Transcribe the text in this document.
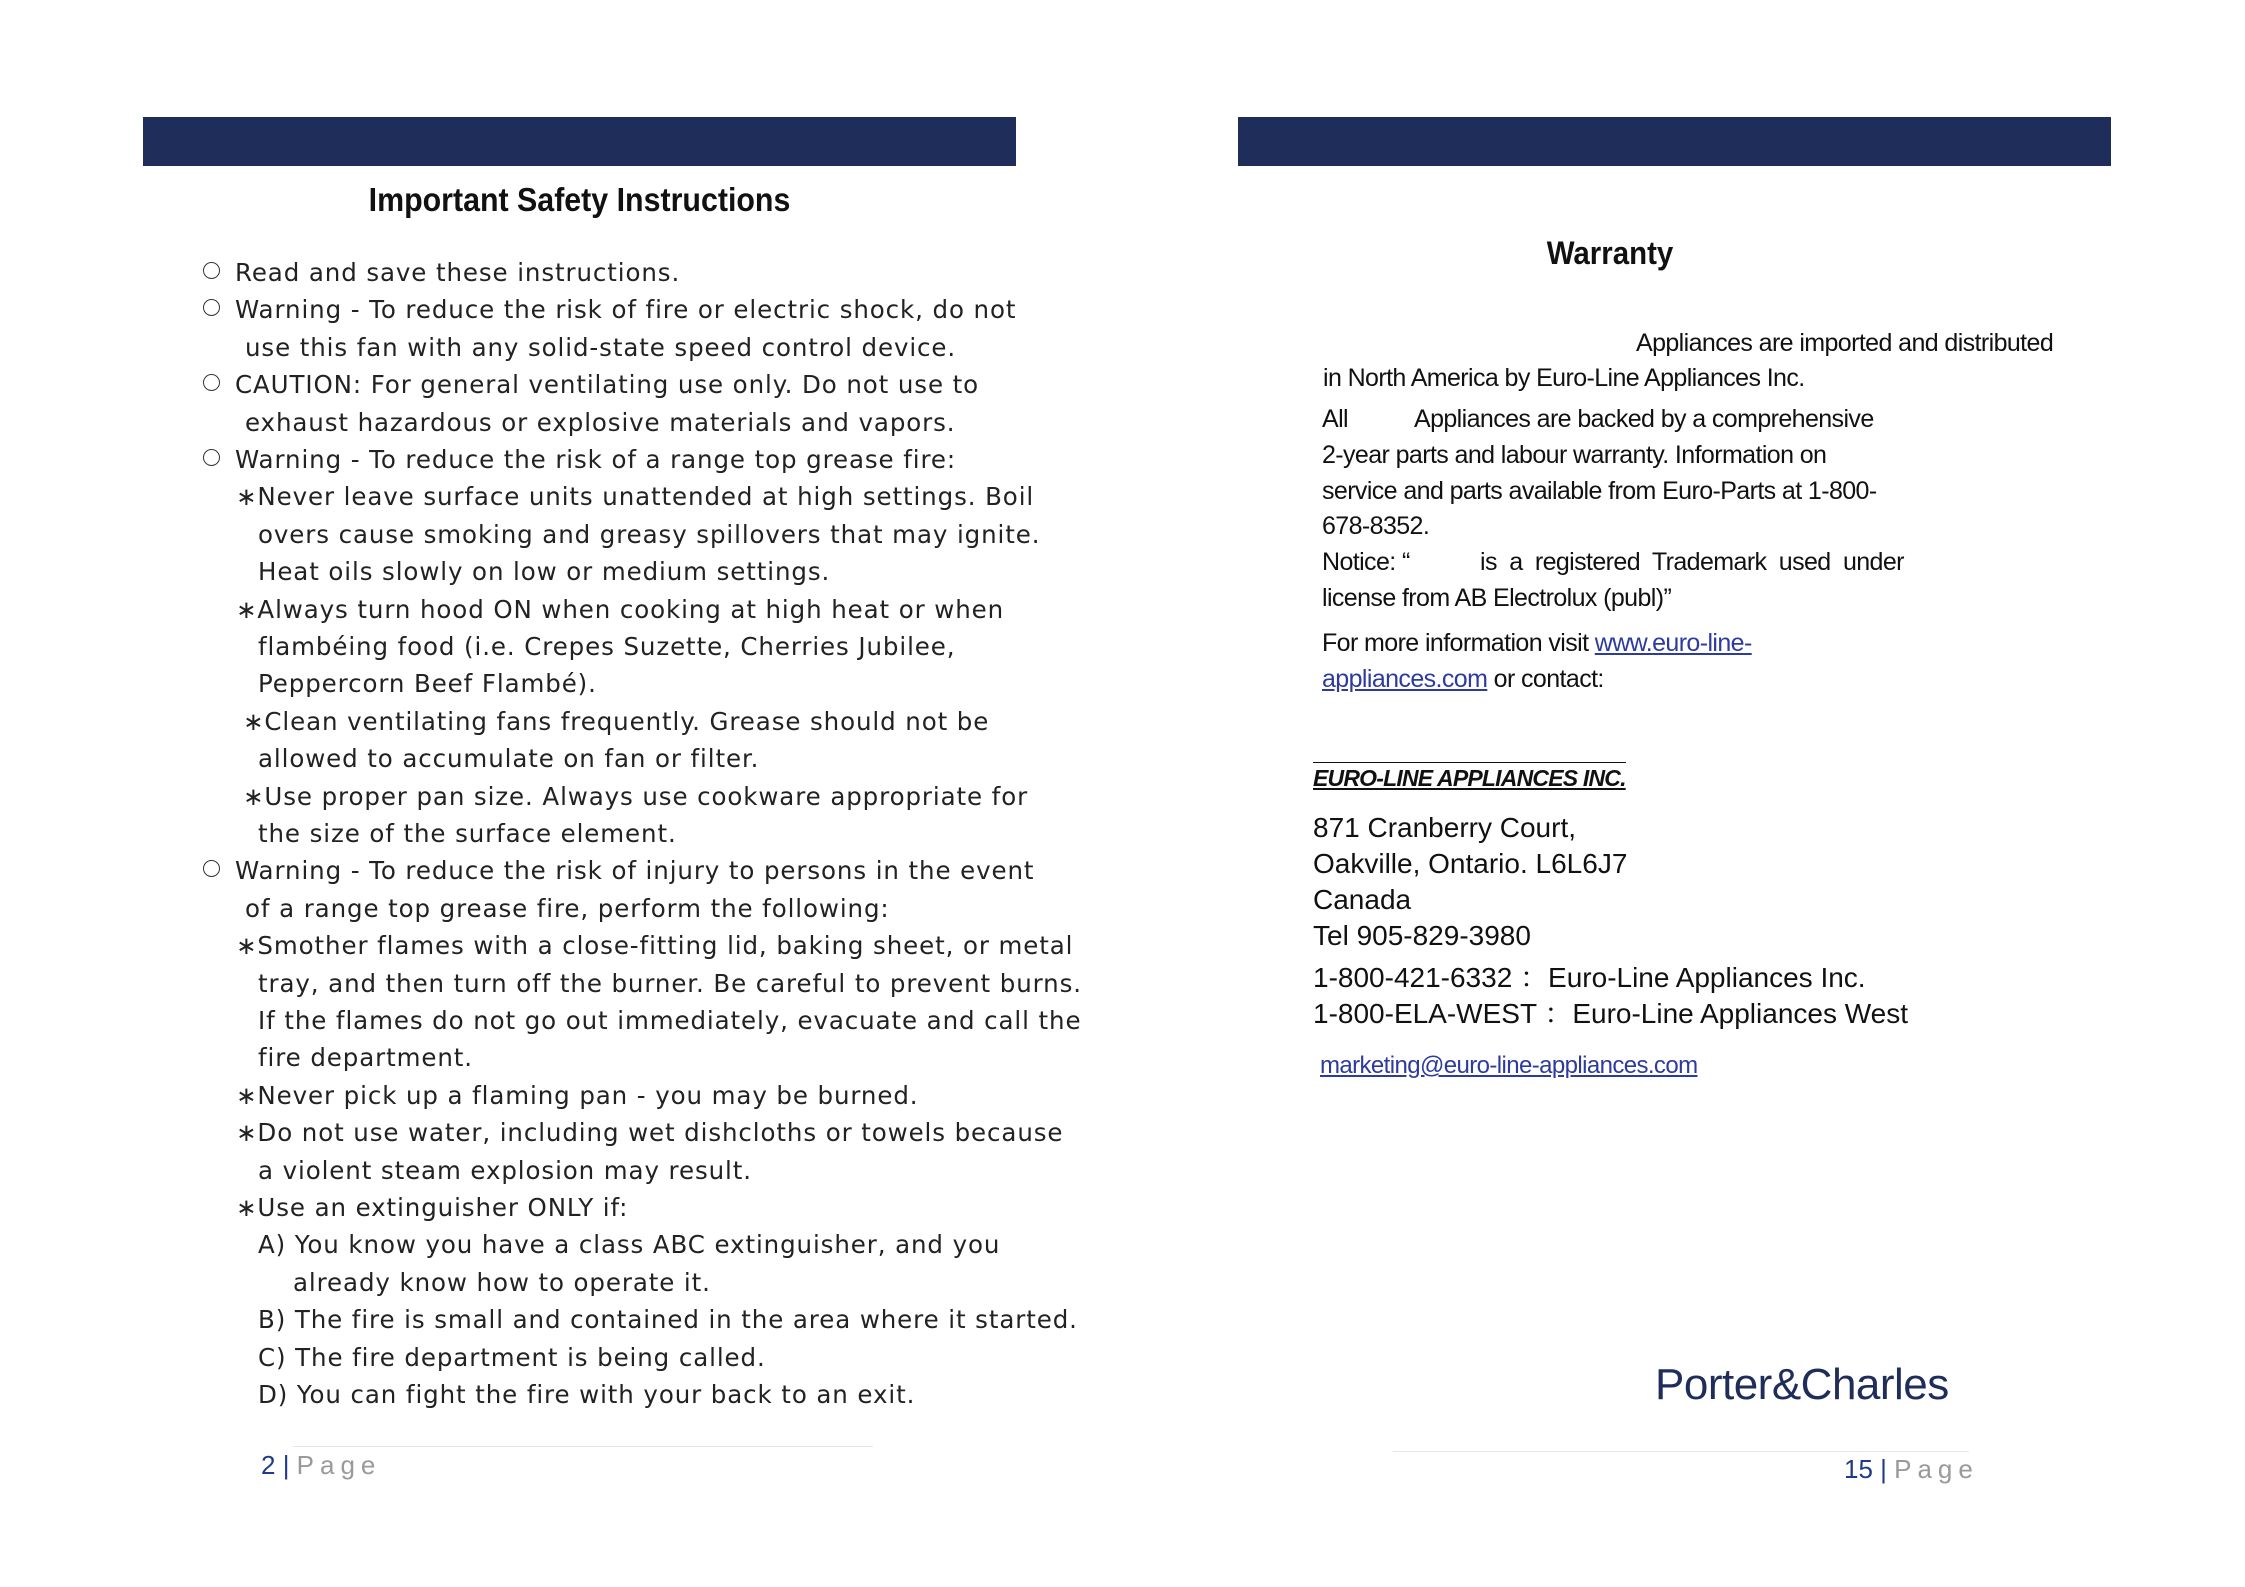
Important Safety Instructions
Read and save these instructions.
Warning - To reduce the risk of fire or electric shock, do not
use this fan with any solid-state speed control device.
CAUTION: For general ventilating use only. Do not use to
exhaust hazardous or explosive materials and vapors.
Warning - To reduce the risk of a range top grease fire:
∗Never leave surface units unattended at high settings. Boil
overs cause smoking and greasy spillovers that may ignite.
Heat oils slowly on low or medium settings.
∗Always turn hood ON when cooking at high heat or when
flambéing food (i.e. Crepes Suzette, Cherries Jubilee,
Peppercorn Beef Flambé).
∗Clean ventilating fans frequently. Grease should not be
allowed to accumulate on fan or filter.
∗Use proper pan size. Always use cookware appropriate for
the size of the surface element.
Warning - To reduce the risk of injury to persons in the event
of a range top grease fire, perform the following:
∗Smother flames with a close-fitting lid, baking sheet, or metal
tray, and then turn off the burner. Be careful to prevent burns.
If the flames do not go out immediately, evacuate and call the
fire department.
∗Never pick up a flaming pan - you may be burned.
∗Do not use water, including wet dishcloths or towels because
a violent steam explosion may result.
∗Use an extinguisher ONLY if:
A) You know you have a class ABC extinguisher, and you
already know how to operate it.
B) The fire is small and contained in the area where it started.
C) The fire department is being called.
D) You can fight the fire with your back to an exit.
2 | Page
Warranty
Appliances are imported and distributed
in North America by Euro-Line Appliances Inc.
All	Appliances are backed by a comprehensive
2-year parts and labour warranty. Information on
service and parts available from Euro-Parts at 1-800-
678-8352.
Notice: “	is a registered Trademark used under
license from AB Electrolux (publ)”
For more information visit www.euro-line-
appliances.com or contact:
EURO-LINE APPLIANCES INC.
871 Cranberry Court,
Oakville, Ontario. L6L6J7
Canada
Tel 905-829-3980
1-800-421-6332 ：Euro-Line Appliances Inc.
1-800-ELA-WEST ：Euro-Line Appliances West
marketing@euro-line-appliances.com
Porter&Charles
15 | Page
